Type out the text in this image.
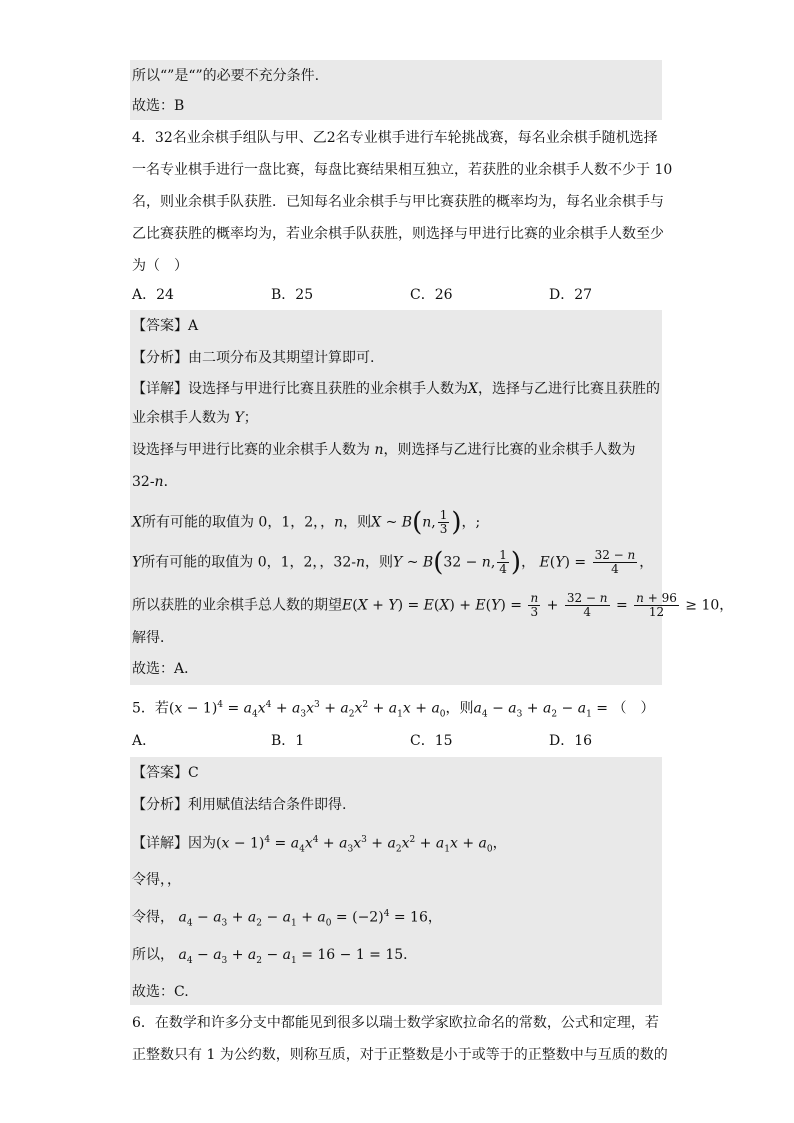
所以“”是“”的必要不充分条件.
故选：B
4．32名业余棋手组队与甲、乙2名专业棋手进行车轮挑战赛，每名业余棋手随机选择
一名专业棋手进行一盘比赛，每盘比赛结果相互独立，若获胜的业余棋手人数不少于 10
名，则业余棋手队获胜．已知每名业余棋手与甲比赛获胜的概率均为，每名业余棋手与
乙比赛获胜的概率均为，若业余棋手队获胜，则选择与甲进行比赛的业余棋手人数至少
为（　）
A．24	B．25	C．26	D．27
【答案】A
【分析】由二项分布及其期望计算即可.
【详解】设选择与甲进行比赛且获胜的业余棋手人数为X，选择与乙进行比赛且获胜的
业余棋手人数为 Y；
设选择与甲进行比赛的业余棋手人数为 n，则选择与乙进行比赛的业余棋手人数为
32-n．
X所有可能的取值为 0，1，2，，n，则X ~ B(n, $\frac{1}{3}$ )，;
Y所有可能的取值为 0，1，2，，32-n，则Y ~ B(32 − n, $\frac{1}{4}$ )， $E(Y) = \frac{32 - n}{4}$ ，
所以获胜的业余棋手总人数的期望$E(X + Y) = E(X) + E(Y) = \frac{n}{3} + \frac{32 - n}{4} = \frac{n + 96}{12} \ge 10$，
解得．
故选：A．
5．若$(x - 1)^4 = a_4x^4 + a_3x^3 + a_2x^2 + a_1x + a_0$，则$a_4 - a_3 + a_2 - a_1$ = （　）
A．	B．1	C．15	D．16
【答案】C
【分析】利用赋值法结合条件即得.
【详解】因为$(x - 1)^4 = a_4x^4 + a_3x^3 + a_2x^2 + a_1x + a_0$，
令得，，
令得， $a_4 - a_3 + a_2 - a_1 + a_0 = (-2)^4 = 16$，
所以， $a_4 - a_3 + a_2 - a_1 = 16 - 1 = 15$．
故选：C.
6．在数学和许多分支中都能见到很多以瑞士数学家欧拉命名的常数，公式和定理，若
正整数只有 1 为公约数，则称互质，对于正整数是小于或等于的正整数中与互质的数的
